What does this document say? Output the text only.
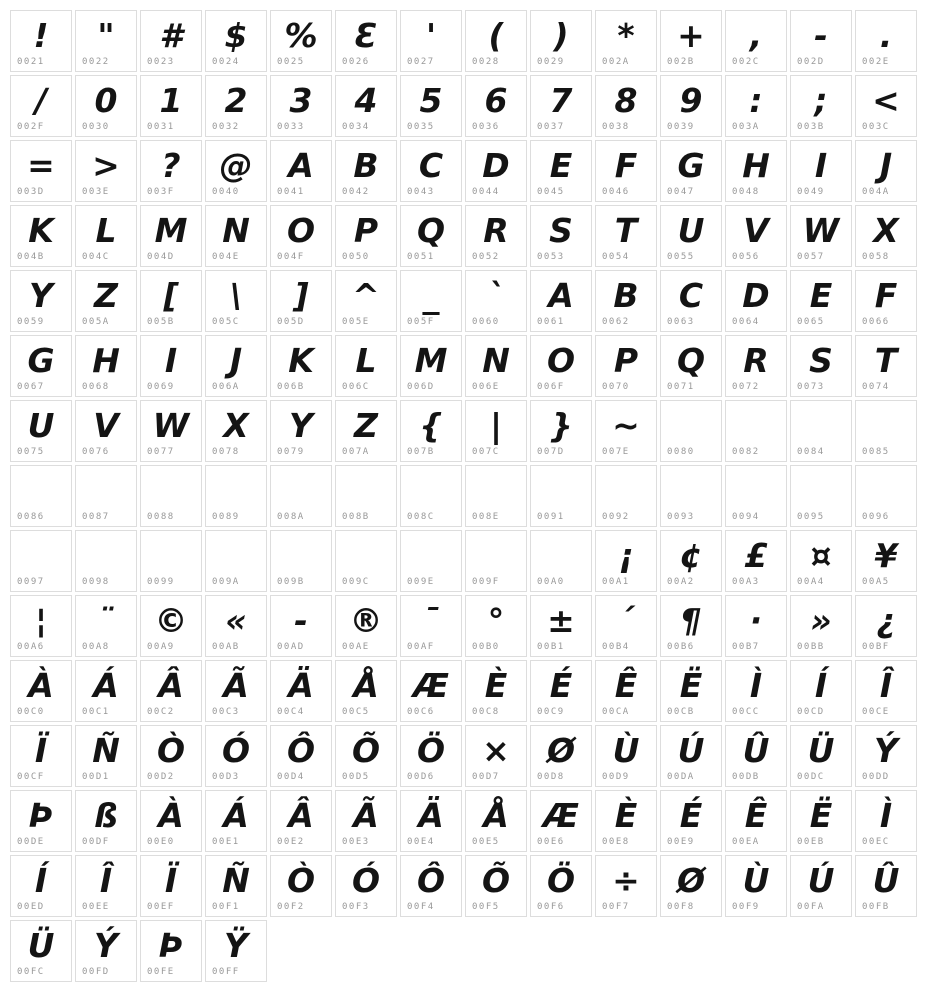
!
0021
"
0022
#
0023
$
0024
%
0025
Ɛ
0026
'
0027
(
0028
)
0029
*
002A
+
002B
,
002C
-
002D
.
002E
/
002F
0
0030
1
0031
2
0032
3
0033
4
0034
5
0035
6
0036
7
0037
8
0038
9
0039
:
003A
;
003B
<
003C
=
003D
>
003E
?
003F
@
0040
A
0041
B
0042
C
0043
D
0044
E
0045
F
0046
G
0047
H
0048
I
0049
J
004A
K
004B
L
004C
M
004D
N
004E
O
004F
P
0050
Q
0051
R
0052
S
0053
T
0054
U
0055
V
0056
W
0057
X
0058
Y
0059
Z
005A
[
005B
\
005C
]
005D
^
005E
_
005F
`
0060
A
0061
B
0062
C
0063
D
0064
E
0065
F
0066
G
0067
H
0068
I
0069
J
006A
K
006B
L
006C
M
006D
N
006E
O
006F
P
0070
Q
0071
R
0072
S
0073
T
0074
U
0075
V
0076
W
0077
X
0078
Y
0079
Z
007A
{
007B
|
007C
}
007D
~
007E	0080	0082	0084	0085
0086	0087	0088	0089	008A	008B	008C	008E	0091	0092	0093	0094	0095	0096
0097	0098	0099	009A	009B	009C	009E	009F	00A0
¡
00A1
¢
00A2
£
00A3
¤
00A4
¥
00A5
¦
00A6
¨
00A8
©
00A9
«
00AB
-
00AD
®
00AE
¯
00AF
°
00B0
±
00B1
´
00B4
¶
00B6
·
00B7
»
00BB
¿
00BF
À
00C0
Á
00C1
Â
00C2
Ã
00C3
Ä
00C4
Å
00C5
Æ
00C6
È
00C8
É
00C9
Ê
00CA
Ë
00CB
Ì
00CC
Í
00CD
Î
00CE
Ï
00CF
Ñ
00D1
Ò
00D2
Ó
00D3
Ô
00D4
Õ
00D5
Ö
00D6
×
00D7
Ø
00D8
Ù
00D9
Ú
00DA
Û
00DB
Ü
00DC
Ý
00DD
Þ
00DE
ß
00DF
À
00E0
Á
00E1
Â
00E2
Ã
00E3
Ä
00E4
Å
00E5
Æ
00E6
È
00E8
É
00E9
Ê
00EA
Ë
00EB
Ì
00EC
Í
00ED
Î
00EE
Ï
00EF
Ñ
00F1
Ò
00F2
Ó
00F3
Ô
00F4
Õ
00F5
Ö
00F6
÷
00F7
Ø
00F8
Ù
00F9
Ú
00FA
Û
00FB
Ü
00FC
Ý
00FD
Þ
00FE
Ÿ
00FF
